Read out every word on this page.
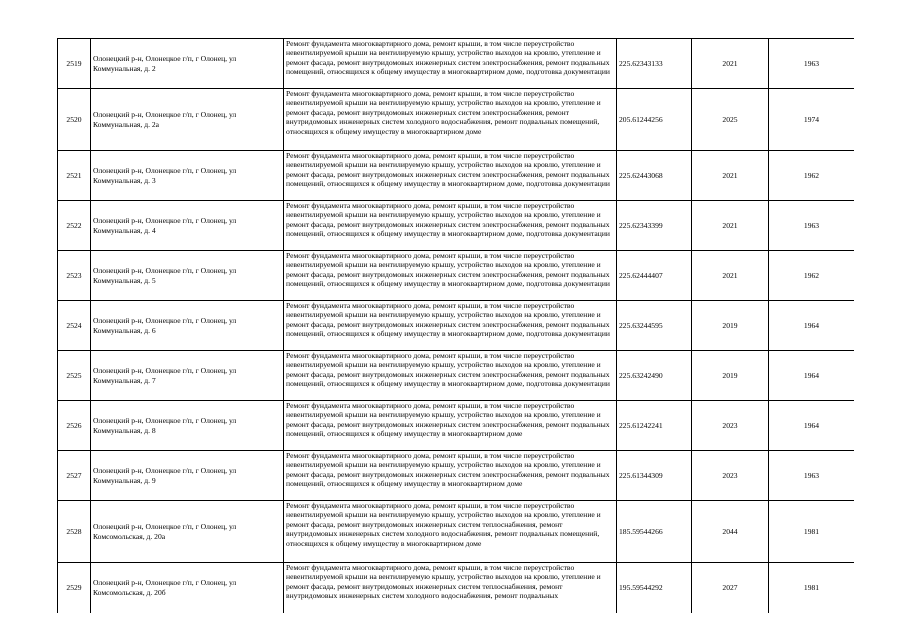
2519	Олонецкий р-н, Олонецкое г/п, г Олонец, ул Коммунальная, д. 2	Ремонт фундамента многоквартирного дома, ремонт крыши, в том числе переустройство невентилируемой крыши на вентилируемую крышу, устройство выходов на кровлю, утепление и ремонт фасада, ремонт внутридомовых инженерных систем электроснабжения, ремонт подвальных помещений, относящихся к общему имуществу в многоквартирном доме, подготовка документации	225.62343133	2021	1963
2520	Олонецкий р-н, Олонецкое г/п, г Олонец, ул Коммунальная, д. 2а	Ремонт фундамента многоквартирного дома, ремонт крыши, в том числе переустройство невентилируемой крыши на вентилируемую крышу, устройство выходов на кровлю, утепление и ремонт фасада, ремонт внутридомовых инженерных систем электроснабжения, ремонт внутридомовых инженерных систем холодного водоснабжения, ремонт подвальных помещений, относящихся к общему имуществу в многоквартирном доме	205.61244256	2025	1974
2521	Олонецкий р-н, Олонецкое г/п, г Олонец, ул Коммунальная, д. 3	Ремонт фундамента многоквартирного дома, ремонт крыши, в том числе переустройство невентилируемой крыши на вентилируемую крышу, устройство выходов на кровлю, утепление и ремонт фасада, ремонт внутридомовых инженерных систем электроснабжения, ремонт подвальных помещений, относящихся к общему имуществу в многоквартирном доме, подготовка документации	225.62443068	2021	1962
2522	Олонецкий р-н, Олонецкое г/п, г Олонец, ул Коммунальная, д. 4	Ремонт фундамента многоквартирного дома, ремонт крыши, в том числе переустройство невентилируемой крыши на вентилируемую крышу, устройство выходов на кровлю, утепление и ремонт фасада, ремонт внутридомовых инженерных систем электроснабжения, ремонт подвальных помещений, относящихся к общему имуществу в многоквартирном доме, подготовка документации	225.62343399	2021	1963
2523	Олонецкий р-н, Олонецкое г/п, г Олонец, ул Коммунальная, д. 5	Ремонт фундамента многоквартирного дома, ремонт крыши, в том числе переустройство невентилируемой крыши на вентилируемую крышу, устройство выходов на кровлю, утепление и ремонт фасада, ремонт внутридомовых инженерных систем электроснабжения, ремонт подвальных помещений, относящихся к общему имуществу в многоквартирном доме, подготовка документации	225.62444407	2021	1962
2524	Олонецкий р-н, Олонецкое г/п, г Олонец, ул Коммунальная, д. 6	Ремонт фундамента многоквартирного дома, ремонт крыши, в том числе переустройство невентилируемой крыши на вентилируемую крышу, устройство выходов на кровлю, утепление и ремонт фасада, ремонт внутридомовых инженерных систем электроснабжения, ремонт подвальных помещений, относящихся к общему имуществу в многоквартирном доме, подготовка документации	225.63244595	2019	1964
2525	Олонецкий р-н, Олонецкое г/п, г Олонец, ул Коммунальная, д. 7	Ремонт фундамента многоквартирного дома, ремонт крыши, в том числе переустройство невентилируемой крыши на вентилируемую крышу, устройство выходов на кровлю, утепление и ремонт фасада, ремонт внутридомовых инженерных систем электроснабжения, ремонт подвальных помещений, относящихся к общему имуществу в многоквартирном доме, подготовка документации	225.63242490	2019	1964
2526	Олонецкий р-н, Олонецкое г/п, г Олонец, ул Коммунальная, д. 8	Ремонт фундамента многоквартирного дома, ремонт крыши, в том числе переустройство невентилируемой крыши на вентилируемую крышу, устройство выходов на кровлю, утепление и ремонт фасада, ремонт внутридомовых инженерных систем электроснабжения, ремонт подвальных помещений, относящихся к общему имуществу в многоквартирном доме	225.61242241	2023	1964
2527	Олонецкий р-н, Олонецкое г/п, г Олонец, ул Коммунальная, д. 9	Ремонт фундамента многоквартирного дома, ремонт крыши, в том числе переустройство невентилируемой крыши на вентилируемую крышу, устройство выходов на кровлю, утепление и ремонт фасада, ремонт внутридомовых инженерных систем электроснабжения, ремонт подвальных помещений, относящихся к общему имуществу в многоквартирном доме	225.61344309	2023	1963
2528	Олонецкий р-н, Олонецкое г/п, г Олонец, ул Комсомольская, д. 20а	Ремонт фундамента многоквартирного дома, ремонт крыши, в том числе переустройство невентилируемой крыши на вентилируемую крышу, устройство выходов на кровлю, утепление и ремонт фасада, ремонт внутридомовых инженерных систем теплоснабжения, ремонт внутридомовых инженерных систем холодного водоснабжения, ремонт подвальных помещений, относящихся к общему имуществу в многоквартирном доме	185.59544266	2044	1981
2529	Олонецкий р-н, Олонецкое г/п, г Олонец, ул Комсомольская, д. 20б	Ремонт фундамента многоквартирного дома, ремонт крыши, в том числе переустройство невентилируемой крыши на вентилируемую крышу, устройство выходов на кровлю, утепление и ремонт фасада, ремонт внутридомовых инженерных систем теплоснабжения, ремонт внутридомовых инженерных систем холодного водоснабжения, ремонт подвальных	195.59544292	2027	1981
